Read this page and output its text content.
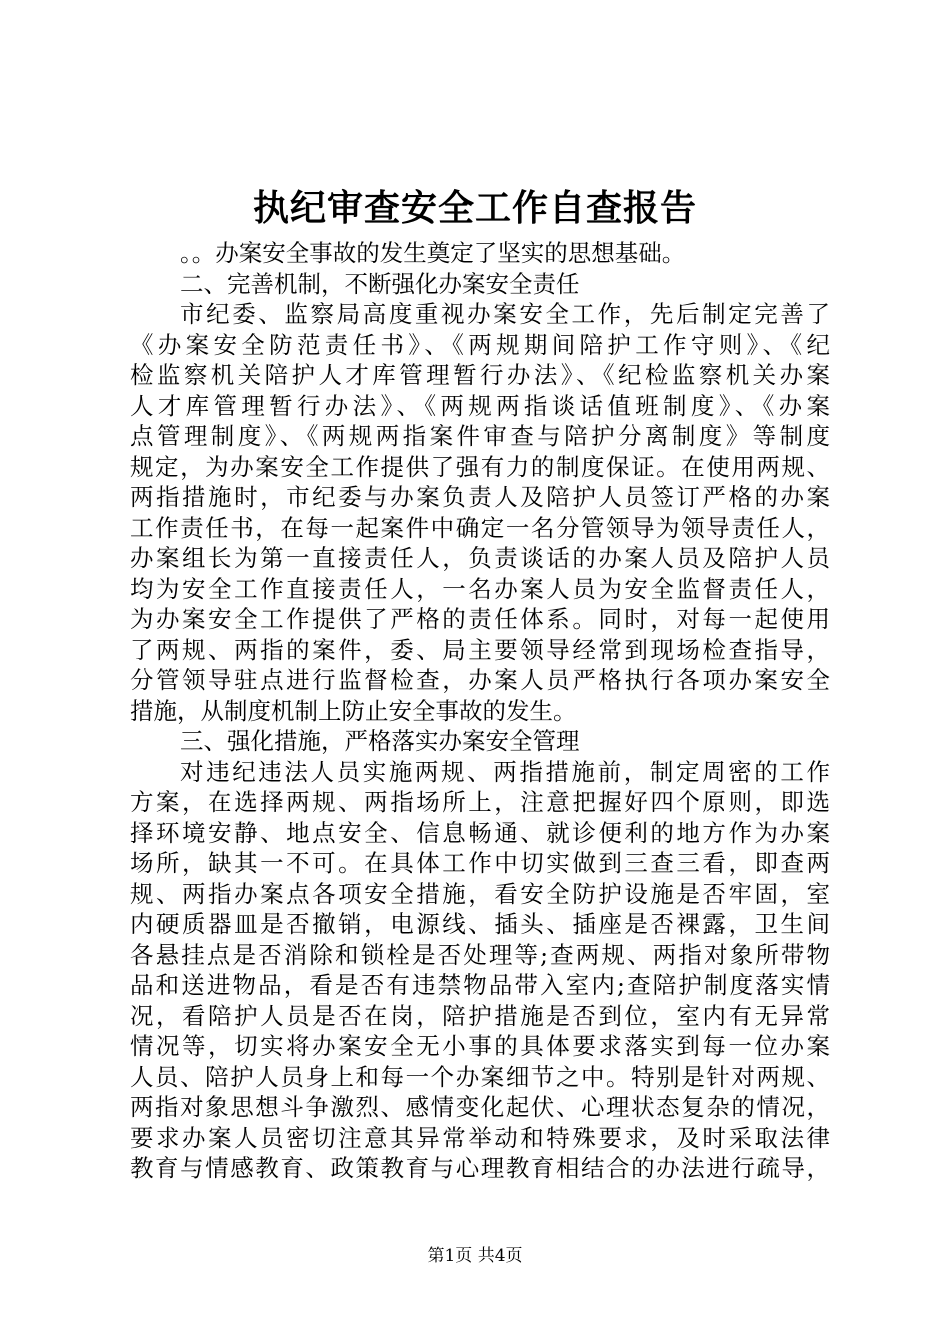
执纪审查安全工作自查报告
。。办案安全事故的发生奠定了坚实的思想基础。
二、完善机制，不断强化办案安全责任
市纪委、监察局高度重视办案安全工作，先后制定完善了
《办案安全防范责任书》、《两规期间陪护工作守则》、《纪
检监察机关陪护人才库管理暂行办法》、《纪检监察机关办案
人才库管理暂行办法》、《两规两指谈话值班制度》、《办案
点管理制度》、《两规两指案件审查与陪护分离制度》等制度
规定，为办案安全工作提供了强有力的制度保证。在使用两规、
两指措施时，市纪委与办案负责人及陪护人员签订严格的办案
工作责任书，在每一起案件中确定一名分管领导为领导责任人，
办案组长为第一直接责任人，负责谈话的办案人员及陪护人员
均为安全工作直接责任人，一名办案人员为安全监督责任人，
为办案安全工作提供了严格的责任体系。同时，对每一起使用
了两规、两指的案件，委、局主要领导经常到现场检查指导，
分管领导驻点进行监督检查，办案人员严格执行各项办案安全
措施，从制度机制上防止安全事故的发生。
三、强化措施，严格落实办案安全管理
对违纪违法人员实施两规、两指措施前，制定周密的工作
方案，在选择两规、两指场所上，注意把握好四个原则，即选
择环境安静、地点安全、信息畅通、就诊便利的地方作为办案
场所，缺其一不可。在具体工作中切实做到三查三看，即查两
规、两指办案点各项安全措施，看安全防护设施是否牢固，室
内硬质器皿是否撤销，电源线、插头、插座是否裸露，卫生间
各悬挂点是否消除和锁栓是否处理等;查两规、两指对象所带物
品和送进物品，看是否有违禁物品带入室内;查陪护制度落实情
况，看陪护人员是否在岗，陪护措施是否到位，室内有无异常
情况等，切实将办案安全无小事的具体要求落实到每一位办案
人员、陪护人员身上和每一个办案细节之中。特别是针对两规、
两指对象思想斗争激烈、感情变化起伏、心理状态复杂的情况，
要求办案人员密切注意其异常举动和特殊要求，及时采取法律
教育与情感教育、政策教育与心理教育相结合的办法进行疏导，
第1页 共4页
